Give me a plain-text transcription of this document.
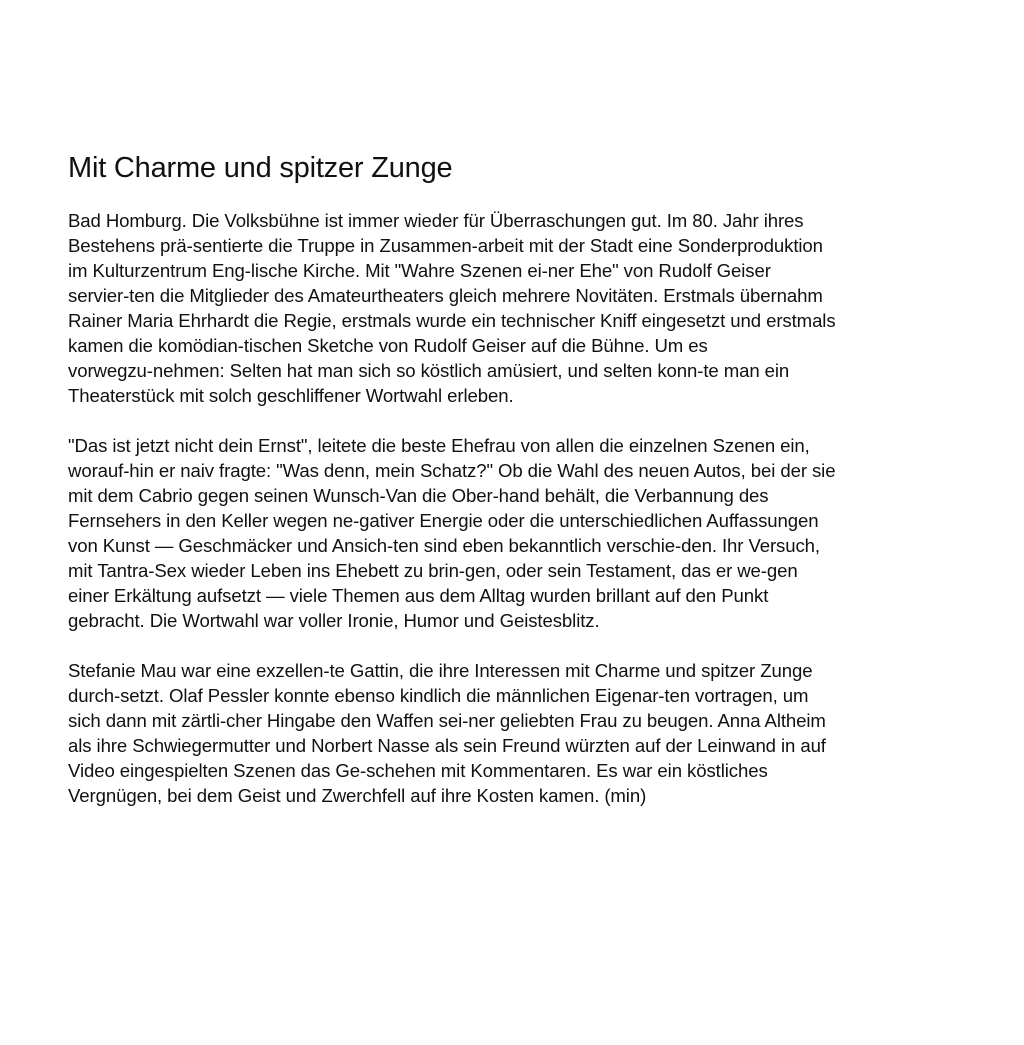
Mit Charme und spitzer Zunge

Bad Homburg. Die Volksbühne ist immer wieder für Überraschungen gut. Im 80. Jahr ihres
Bestehens prä-sentierte die Truppe in Zusammen-arbeit mit der Stadt eine Sonderproduktion
im Kulturzentrum Eng-lische Kirche. Mit "Wahre Szenen ei-ner Ehe" von Rudolf Geiser
servier-ten die Mitglieder des Amateurtheaters gleich mehrere Novitäten. Erstmals übernahm
Rainer Maria Ehrhardt die Regie, erstmals wurde ein technischer Kniff eingesetzt und erstmals
kamen die komödian-tischen Sketche von Rudolf Geiser auf die Bühne. Um es
vorwegzu-nehmen: Selten hat man sich so köstlich amüsiert, und selten konn-te man ein
Theaterstück mit solch geschliffener Wortwahl erleben.

"Das ist jetzt nicht dein Ernst", leitete die beste Ehefrau von allen die einzelnen Szenen ein,
worauf-hin er naiv fragte: "Was denn, mein Schatz?" Ob die Wahl des neuen Autos, bei der sie
mit dem Cabrio gegen seinen Wunsch-Van die Ober-hand behält, die Verbannung des
Fernsehers in den Keller wegen ne-gativer Energie oder die unterschiedlichen Auffassungen
von Kunst — Geschmäcker und Ansich-ten sind eben bekanntlich verschie-den. Ihr Versuch,
mit Tantra-Sex wieder Leben ins Ehebett zu brin-gen, oder sein Testament, das er we-gen
einer Erkältung aufsetzt — viele Themen aus dem Alltag wurden brillant auf den Punkt
gebracht. Die Wortwahl war voller Ironie, Humor und Geistesblitz.

Stefanie Mau war eine exzellen-te Gattin, die ihre Interessen mit Charme und spitzer Zunge
durch-setzt. Olaf Pessler konnte ebenso kindlich die männlichen Eigenar-ten vortragen, um
sich dann mit zärtli-cher Hingabe den Waffen sei-ner geliebten Frau zu beugen. Anna Altheim
als ihre Schwiegermutter und Norbert Nasse als sein Freund würzten auf der Leinwand in auf
Video eingespielten Szenen das Ge-schehen mit Kommentaren. Es war ein köstliches
Vergnügen, bei dem Geist und Zwerchfell auf ihre Kosten kamen. (min)
